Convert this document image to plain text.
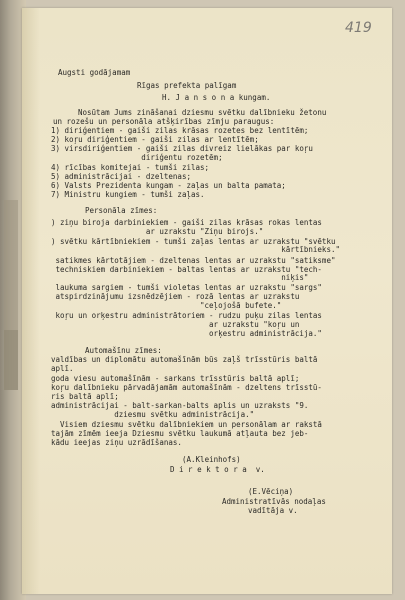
419
Augsti godājamam
Rīgas prefekta palīgam
H. J a n s o n a kungam.
Nosūtam Jums zināšanai dziesmu svētku dalībnieku žetonu
un rozešu un personāla atšķirības zīmju paraugus:
1) diriģentiem - gaiši zilas krāsas rozetes bez lentītēm;
2) koŗu diriģentiem - gaiši zilas ar lentītēm;
3) virsdiriģentiem - gaiši zilas divreiz lielākas par koŗu
diriģentu rozetēm;
4) rīcības komitejai - tumši zilas;
5) administrācijai - dzeltenas;
6) Valsts Prezidenta kungam - zaļas un balta pamata;
7) Ministru kungiem - tumši zaļas.
Personāla zīmes:
) ziņu biroja darbiniekiem - gaiši zilas krāsas rokas lentas
ar uzrakstu "Ziņu birojs."
) svētku kārtībniekiem - tumši zaļas lentas ar uzrakstu "svētku
kārtībnieks."
satikmes kārtotājiem - dzeltenas lentas ar uzrakstu "satiksme"
techniskiem darbiniekiem - baltas lentas ar uzrakstu "tech-
niķis"
laukuma sargiem - tumši violetas lentas ar uzrakstu "sargs"
atspirdzinājumu izsnēdzējiem - rozā lentas ar uzrakstu
"ceļojošā bufete."
koŗu un orķestru administrātoriem - rudzu puķu zilas lentas
ar uzrakstu "koŗu un
orķestru administrācija."
Automašīnu zīmes:
valdības un diplomātu automašīnām būs zaļš trīsstūris baltā
aplī.
goda viesu automašīnām - sarkans trīsstūris baltā aplī;
koŗu dalībnieku pārvadājamām automašīnām - dzeltens trīsstū-
ris baltā aplī;
administrācijai - balt-sarkan-balts aplis un uzraksts "9.
dziesmu svētku administrācija."
Visiem dziesmu svētku dalībniekiem un personālam ar rakstā
tajām zīmēm ieeja Dziesmu svētku laukumā atļauta bez jeb-
kādu ieejas ziņu uzrādīšanas.
(A.Kleinhofs)
D i r e k t o r a  v.
(E.Vēciņa)
Administratīvās nodaļas
vadītāja v.
